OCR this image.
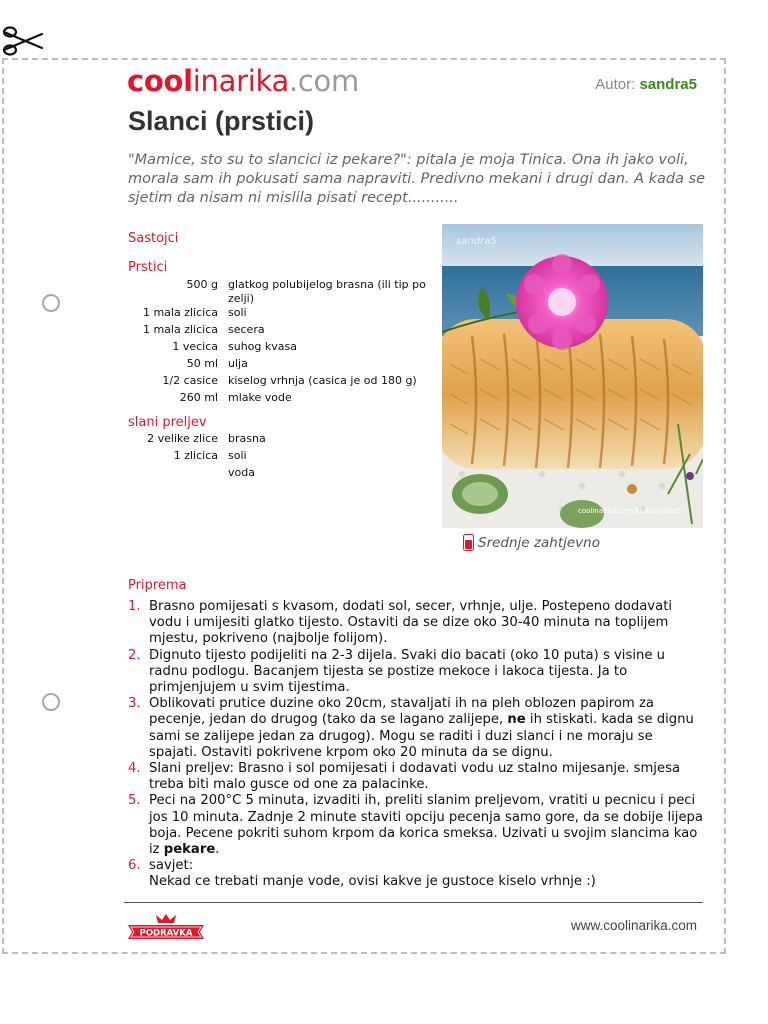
coolinarika.com	Autor: sandra5
Slanci (prstici)

"Mamice, sto su to slancici iz pekare?": pitala je moja Tinica. Ona ih jako voli, morala sam ih pokusati sama napraviti. Predivno mekani i drugi dan. A kada se sjetim da nisam ni mislila pisati recept...........

Sastojci
Prstici
500 g	glatkog polubijelog brasna (ili tip po zelji)
1 mala zlicica	soli
1 mala zlicica	secera
1 vecica	suhog kvasa
50 ml	ulja
1/2 casice	kiselog vrhnja (casica je od 180 g)
260 ml	mlake vode
slani preljev
2 velike zlice	brasna
1 zlicica	soli
	voda
sandra5
coolinarika.com/klub/sandra5
Srednje zahtjevno
Priprema
1. Brasno pomijesati s kvasom, dodati sol, secer, vrhnje, ulje. Postepeno dodavati vodu i umijesiti glatko tijesto. Ostaviti da se dize oko 30-40 minuta na toplijem mjestu, pokriveno (najbolje folijom).
2. Dignuto tijesto podijeliti na 2-3 dijela. Svaki dio bacati (oko 10 puta) s visine u radnu podlogu. Bacanjem tijesta se postize mekoce i lakoca tijesta. Ja to primjenjujem u svim tijestima.
3. Oblikovati prutice duzine oko 20cm, stavaljati ih na pleh oblozen papirom za pecenje, jedan do drugog (tako da se lagano zalijepe, ne ih stiskati. kada se dignu sami se zalijepe jedan za drugog). Mogu se raditi i duzi slanci i ne moraju se spajati. Ostaviti pokrivene krpom oko 20 minuta da se dignu.
4. Slani preljev: Brasno i sol pomijesati i dodavati vodu uz stalno mijesanje. smjesa treba biti malo gusce od one za palacinke.
5. Peci na 200°C 5 minuta, izvaditi ih, preliti slanim preljevom, vratiti u pecnicu i peci jos 10 minuta. Zadnje 2 minute staviti opciju pecenja samo gore, da se dobije lijepa boja. Pecene pokriti suhom krpom da korica smeksa. Uzivati u svojim slancima kao iz pekare.
6. savjet:
Nekad ce trebati manje vode, ovisi kakve je gustoce kiselo vrhnje :)
PODRAVKA
www.coolinarika.com
